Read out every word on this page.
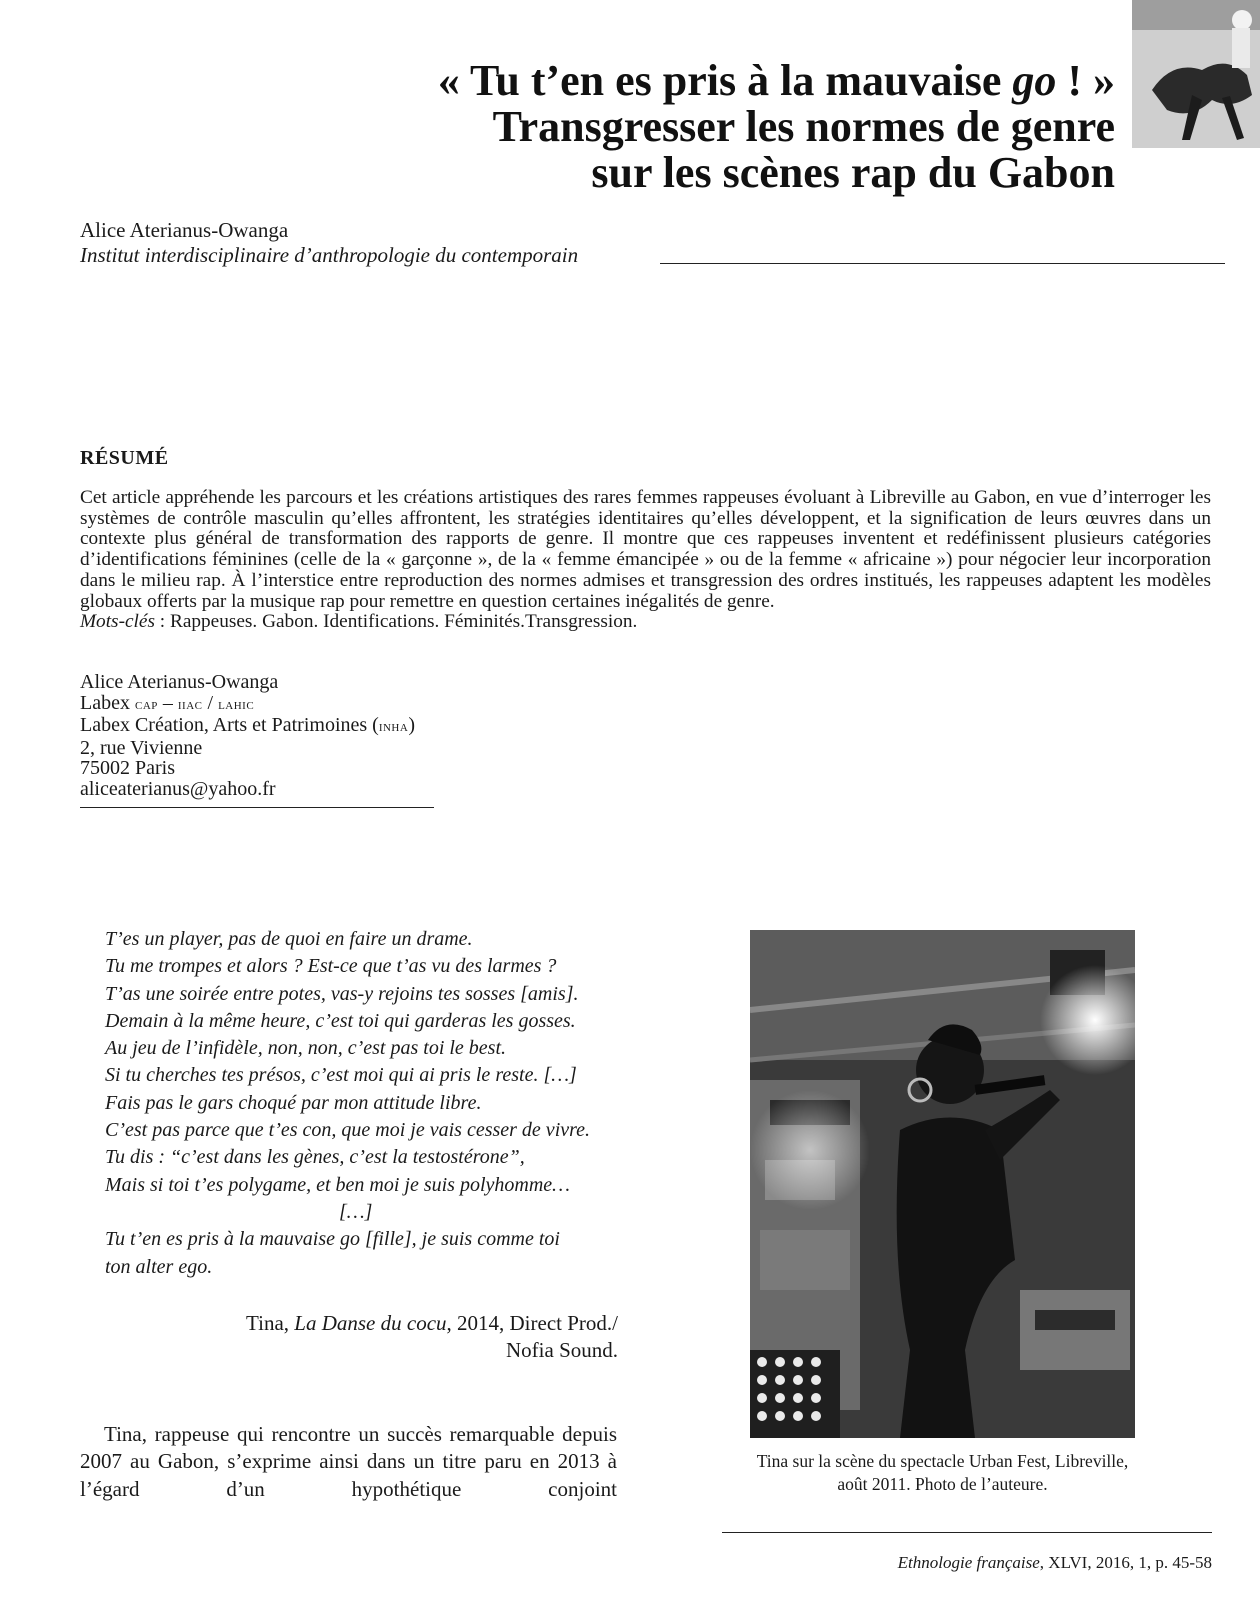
« Tu t’en es pris à la mauvaise go ! »
Transgresser les normes de genre
sur les scènes rap du Gabon
Alice Aterianus-Owanga
Institut interdisciplinaire d’anthropologie du contemporain
RÉSUMÉ

Cet article appréhende les parcours et les créations artistiques des rares femmes rappeuses évoluant à Libreville au Gabon, en vue d’interroger les systèmes de contrôle masculin qu’elles affrontent, les stratégies identitaires qu’elles développent, et la signification de leurs œuvres dans un contexte plus général de transformation des rapports de genre. Il montre que ces rappeuses inventent et redéfinissent plusieurs catégories d’identifications féminines (celle de la « garçonne », de la « femme émancipée » ou de la femme « africaine ») pour négocier leur incorporation dans le milieu rap. À l’interstice entre reproduction des normes admises et transgression des ordres institués, les rappeuses adaptent les modèles globaux offerts par la musique rap pour remettre en question certaines inégalités de genre.

Mots-clés : Rappeuses. Gabon. Identifications. Féminités.Transgression.

Alice Aterianus-Owanga
Labex cap – iiac / lahic
Labex Création, Arts et Patrimoines (inha)
2, rue Vivienne
75002 Paris
aliceaterianus@yahoo.fr
T’es un player, pas de quoi en faire un drame.
Tu me trompes et alors ? Est-ce que t’as vu des larmes ?
T’as une soirée entre potes, vas-y rejoins tes sosses [amis].
Demain à la même heure, c’est toi qui garderas les gosses.
Au jeu de l’infidèle, non, non, c’est pas toi le best.
Si tu cherches tes présos, c’est moi qui ai pris le reste. […]
Fais pas le gars choqué par mon attitude libre.
C’est pas parce que t’es con, que moi je vais cesser de vivre.
Tu dis : “c’est dans les gènes, c’est la testostérone”,
Mais si toi t’es polygame, et ben moi je suis polyhomme…
[…]
Tu t’en es pris à la mauvaise go [fille], je suis comme toi
ton alter ego.
Tina, La Danse du cocu, 2014, Direct Prod./
Nofia Sound.

Tina, rappeuse qui rencontre un succès remarquable depuis 2007 au Gabon, s’exprime ainsi dans un titre paru en 2013 à l’égard d’un hypothétique conjoint

Tina sur la scène du spectacle Urban Fest, Libreville,
août 2011. Photo de l’auteure.
Ethnologie française, XLVI, 2016, 1, p. 45-58
